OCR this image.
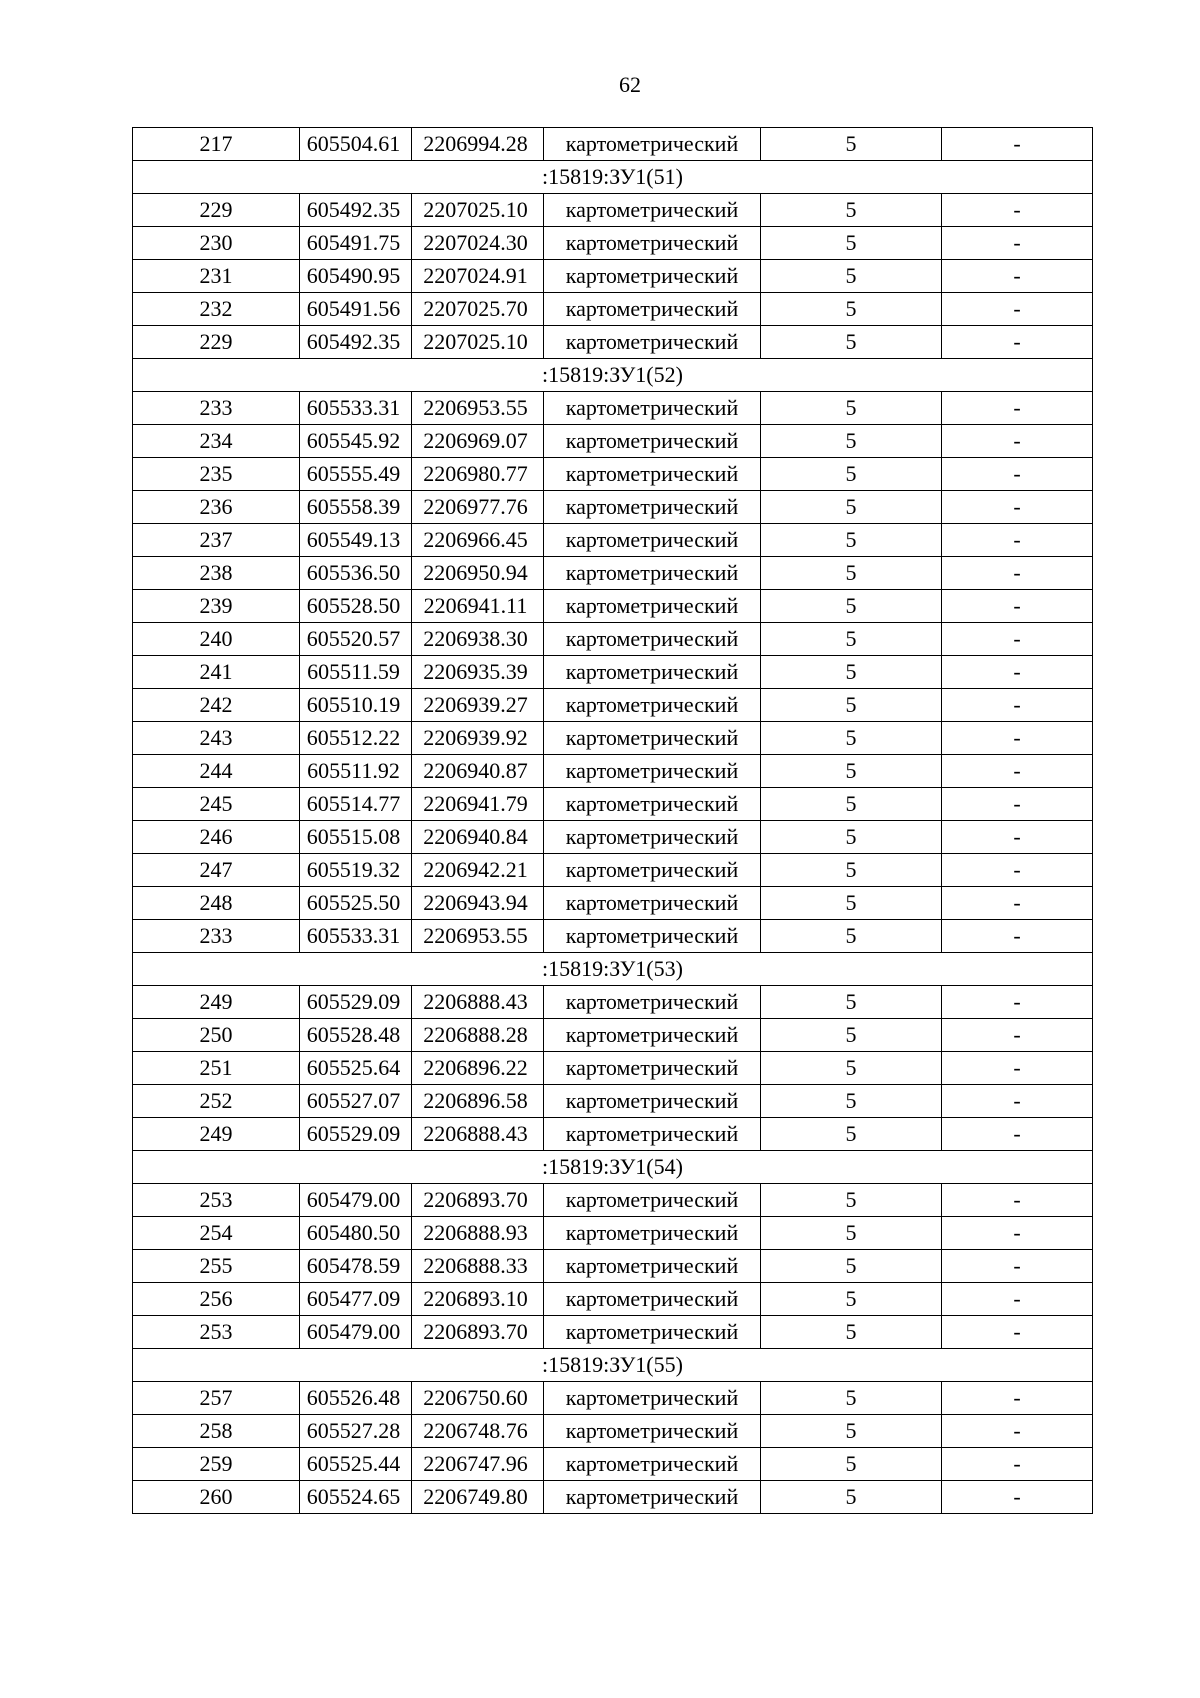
62
217	605504.61	2206994.28	картометрический	5	-
:15819:ЗУ1(51)					
229	605492.35	2207025.10	картометрический	5	-
230	605491.75	2207024.30	картометрический	5	-
231	605490.95	2207024.91	картометрический	5	-
232	605491.56	2207025.70	картометрический	5	-
229	605492.35	2207025.10	картометрический	5	-
:15819:ЗУ1(52)					
233	605533.31	2206953.55	картометрический	5	-
234	605545.92	2206969.07	картометрический	5	-
235	605555.49	2206980.77	картометрический	5	-
236	605558.39	2206977.76	картометрический	5	-
237	605549.13	2206966.45	картометрический	5	-
238	605536.50	2206950.94	картометрический	5	-
239	605528.50	2206941.11	картометрический	5	-
240	605520.57	2206938.30	картометрический	5	-
241	605511.59	2206935.39	картометрический	5	-
242	605510.19	2206939.27	картометрический	5	-
243	605512.22	2206939.92	картометрический	5	-
244	605511.92	2206940.87	картометрический	5	-
245	605514.77	2206941.79	картометрический	5	-
246	605515.08	2206940.84	картометрический	5	-
247	605519.32	2206942.21	картометрический	5	-
248	605525.50	2206943.94	картометрический	5	-
233	605533.31	2206953.55	картометрический	5	-
:15819:ЗУ1(53)					
249	605529.09	2206888.43	картометрический	5	-
250	605528.48	2206888.28	картометрический	5	-
251	605525.64	2206896.22	картометрический	5	-
252	605527.07	2206896.58	картометрический	5	-
249	605529.09	2206888.43	картометрический	5	-
:15819:ЗУ1(54)					
253	605479.00	2206893.70	картометрический	5	-
254	605480.50	2206888.93	картометрический	5	-
255	605478.59	2206888.33	картометрический	5	-
256	605477.09	2206893.10	картометрический	5	-
253	605479.00	2206893.70	картометрический	5	-
:15819:ЗУ1(55)					
257	605526.48	2206750.60	картометрический	5	-
258	605527.28	2206748.76	картометрический	5	-
259	605525.44	2206747.96	картометрический	5	-
260	605524.65	2206749.80	картометрический	5	-
